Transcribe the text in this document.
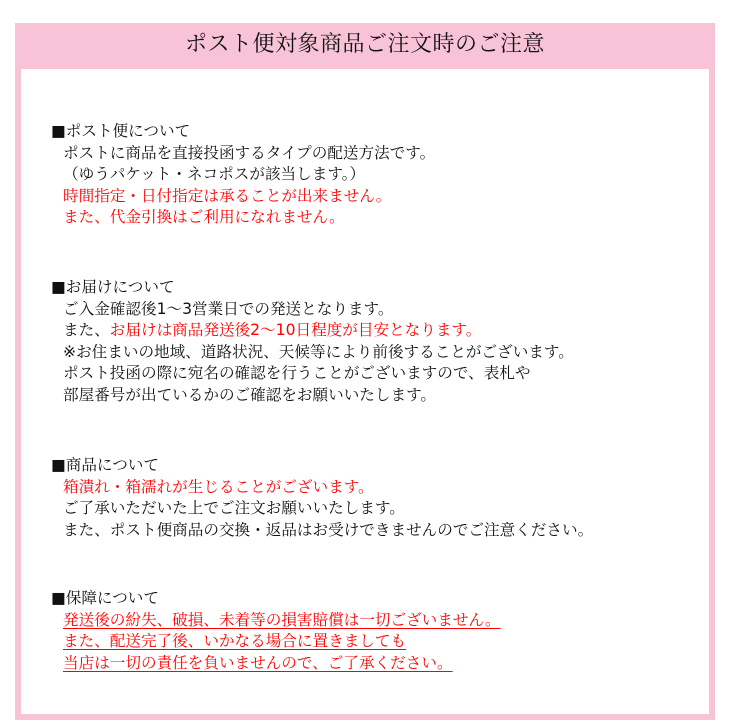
ポスト便対象商品ご注文時のご注意

■ポスト便について

ポストに商品を直接投函するタイプの配送方法です。

（ゆうパケット・ネコポスが該当します。）

時間指定・日付指定は承ることが出来ません。

また、代金引換はご利用になれません。

■お届けについて

ご入金確認後1～3営業日での発送となります。

また、お届けは商品発送後2～10日程度が目安となります。

※お住まいの地域、道路状況、天候等により前後することがございます。

ポスト投函の際に宛名の確認を行うことがございますので、表札や

部屋番号が出ているかのご確認をお願いいたします。

■商品について

箱潰れ・箱濡れが生じることがございます。

ご了承いただいた上でご注文お願いいたします。

また、ポスト便商品の交換・返品はお受けできませんのでご注意ください。

■保障について

発送後の紛失、破損、未着等の損害賠償は一切ございません。

また、配送完了後、いかなる場合に置きましても

当店は一切の責任を負いませんので、ご了承ください。
